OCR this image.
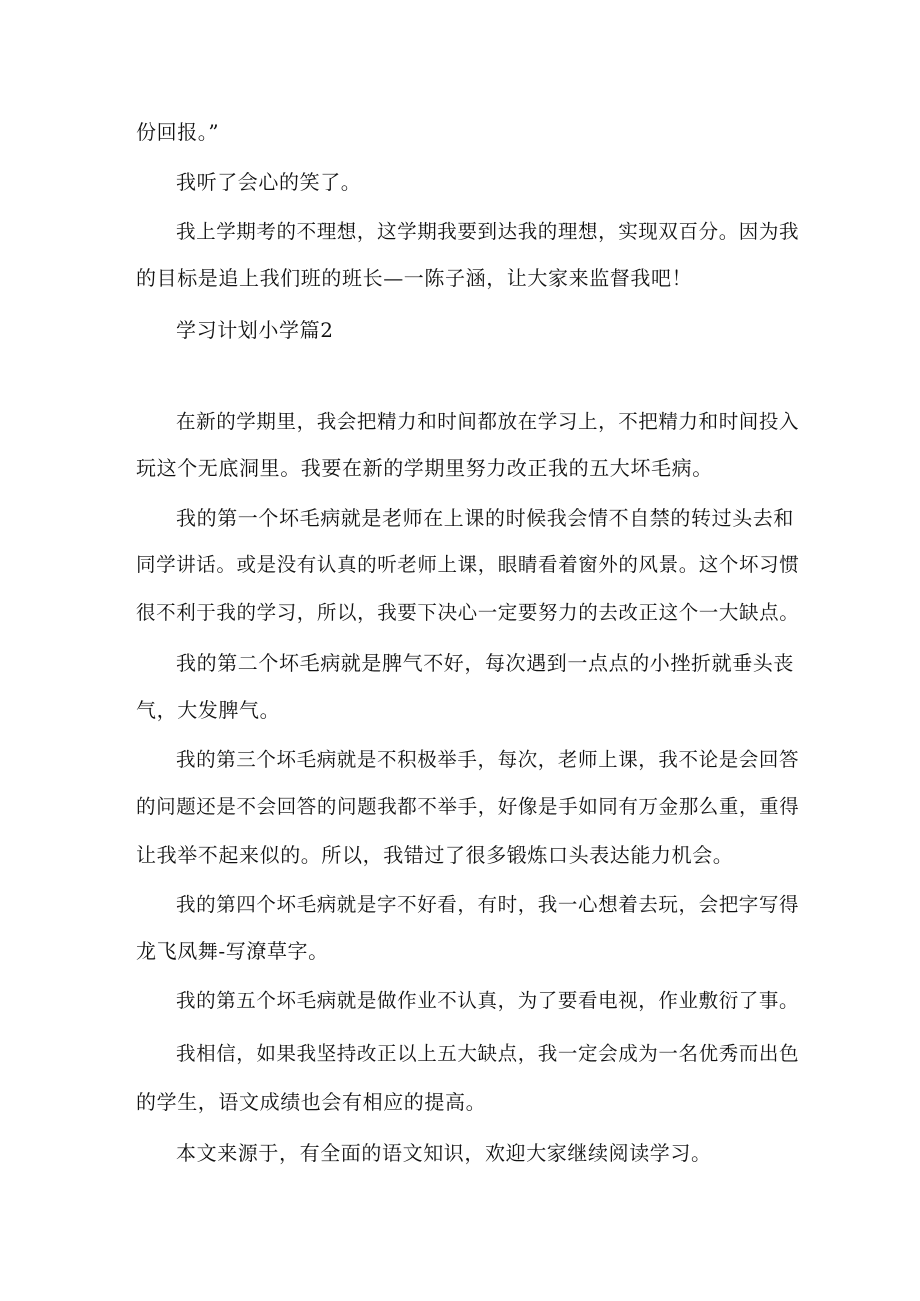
份回报。”

我听了会心的笑了。

我上学期考的不理想，这学期我要到达我的理想，实现双百分。因为我

的目标是追上我们班的班长—一陈子涵，让大家来监督我吧！

学习计划小学篇2

在新的学期里，我会把精力和时间都放在学习上，不把精力和时间投入

玩这个无底洞里。我要在新的学期里努力改正我的五大坏毛病。

我的第一个坏毛病就是老师在上课的时候我会情不自禁的转过头去和

同学讲话。或是没有认真的听老师上课，眼睛看着窗外的风景。这个坏习惯

很不利于我的学习，所以，我要下决心一定要努力的去改正这个一大缺点。

我的第二个坏毛病就是脾气不好，每次遇到一点点的小挫折就垂头丧

气，大发脾气。

我的第三个坏毛病就是不积极举手，每次，老师上课，我不论是会回答

的问题还是不会回答的问题我都不举手，好像是手如同有万金那么重，重得

让我举不起来似的。所以，我错过了很多锻炼口头表达能力机会。

我的第四个坏毛病就是字不好看，有时，我一心想着去玩，会把字写得

龙飞凤舞-写潦草字。

我的第五个坏毛病就是做作业不认真，为了要看电视，作业敷衍了事。

我相信，如果我坚持改正以上五大缺点，我一定会成为一名优秀而出色

的学生，语文成绩也会有相应的提高。

本文来源于，有全面的语文知识，欢迎大家继续阅读学习。
